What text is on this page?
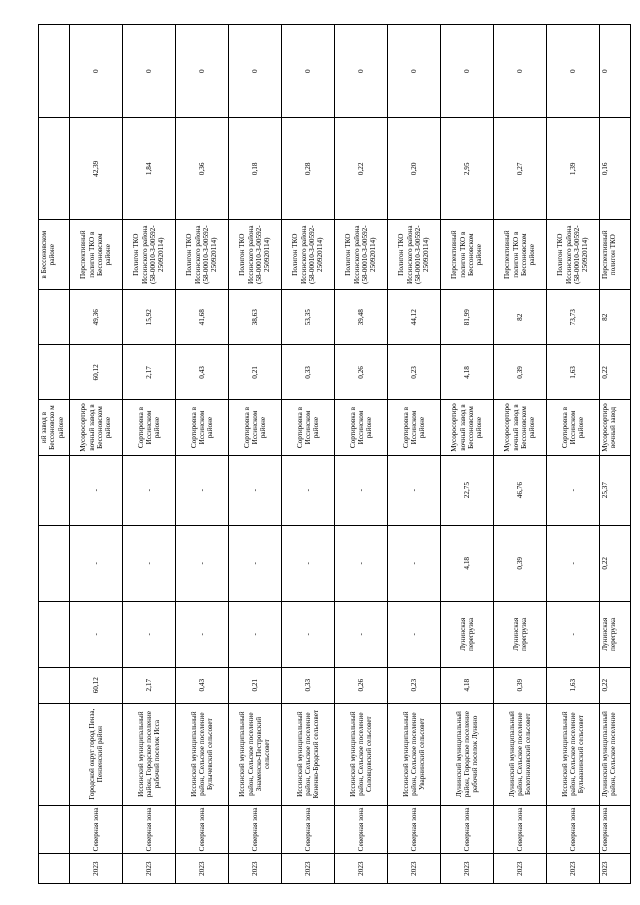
							ий завод в Бессоновско м районе			в Бессоновском районе		
2023	Северная зона	Городской округ город Пенза, Пензенский район	60,12	-	-	-	Мусоросортировочный завод в Бессоновском районе	60,12	49,36	Перспективный полигон ТКО в Бессоновском районе	42,39	0
2023	Северная зона	Иссинский муниципальный район, Городское поселение рабочий поселок Исса	2,17	-	-	-	Сортировка в Иссинском районе	2,17	15,92	Полигон ТКО Иссинского района (58-00010-З-00592-250920114)	1,84	0
2023	Северная зона	Иссинский муниципальный район, Сельское поселение Булычевский сельсовет	0,43	-	-	-	Сортировка в Иссинском районе	0,43	41,68	Полигон ТКО Иссинского района (58-00010-З-00592-250920114)	0,36	0
2023	Северная зона	Иссинский муниципальный район, Сельское поселение Знаменско-Пестровский сельсовет	0,21	-	-	-	Сортировка в Иссинском районе	0,21	38,63	Полигон ТКО Иссинского района (58-00010-З-00592-250920114)	0,18	0
2023	Северная зона	Иссинский муниципальный район, Сельское поселение Кененко-Бродский сельсовет	0,33	-	-	-	Сортировка в Иссинском районе	0,33	53,35	Полигон ТКО Иссинского района (58-00010-З-00592-250920114)	0,28	0
2023	Северная зона	Иссинский муниципальный район, Сельское поселение Соловцовский сельсовет	0,26	-	-	-	Сортировка в Иссинском районе	0,26	39,48	Полигон ТКО Иссинского района (58-00010-З-00592-250920114)	0,22	0
2023	Северная зона	Иссинский муниципальный район, Сельское поселение Уварнинский сельсовет	0,23	-	-	-	Сортировка в Иссинском районе	0,23	44,12	Полигон ТКО Иссинского района (58-00010-З-00592-250920114)	0,20	0
2023	Северная зона	Лунинский муниципальный район, Городское поселение рабочий поселок Лунино	4,18	Лунинская перегрузка	4,18	22,75	Мусоросортировочный завод в Бессоновском районе	4,18	81,99	Перспективный полигон ТКО в Бессоновском районе	2,95	0
2023	Северная зона	Лунинский муниципальный район, Сельское поселение Болотниковский сельсовет	0,39	Лунинская перегрузка	0,39	46,76	Мусоросортировочный завод в Бессоновском районе	0,39	82	Перспективный полигон ТКО в Бессоновском районе	0,27	0
2023	Северная зона	Иссинский муниципальный район, Сельское поселение Бульванинский сельсовет	1,63	-	-	-	Сортировка в Иссинском районе	1,63	73,73	Полигон ТКО Иссинского района (58-00010-З-00592-250920114)	1,39	0
2023	Северная зона	Лунинский муниципальный район, Сельское поселение	0,22	Лунинская перегрузка	0,22	25,37	Мусоросортировочный завод	0,22	82	Перспективный полигон ТКО	0,16	0
